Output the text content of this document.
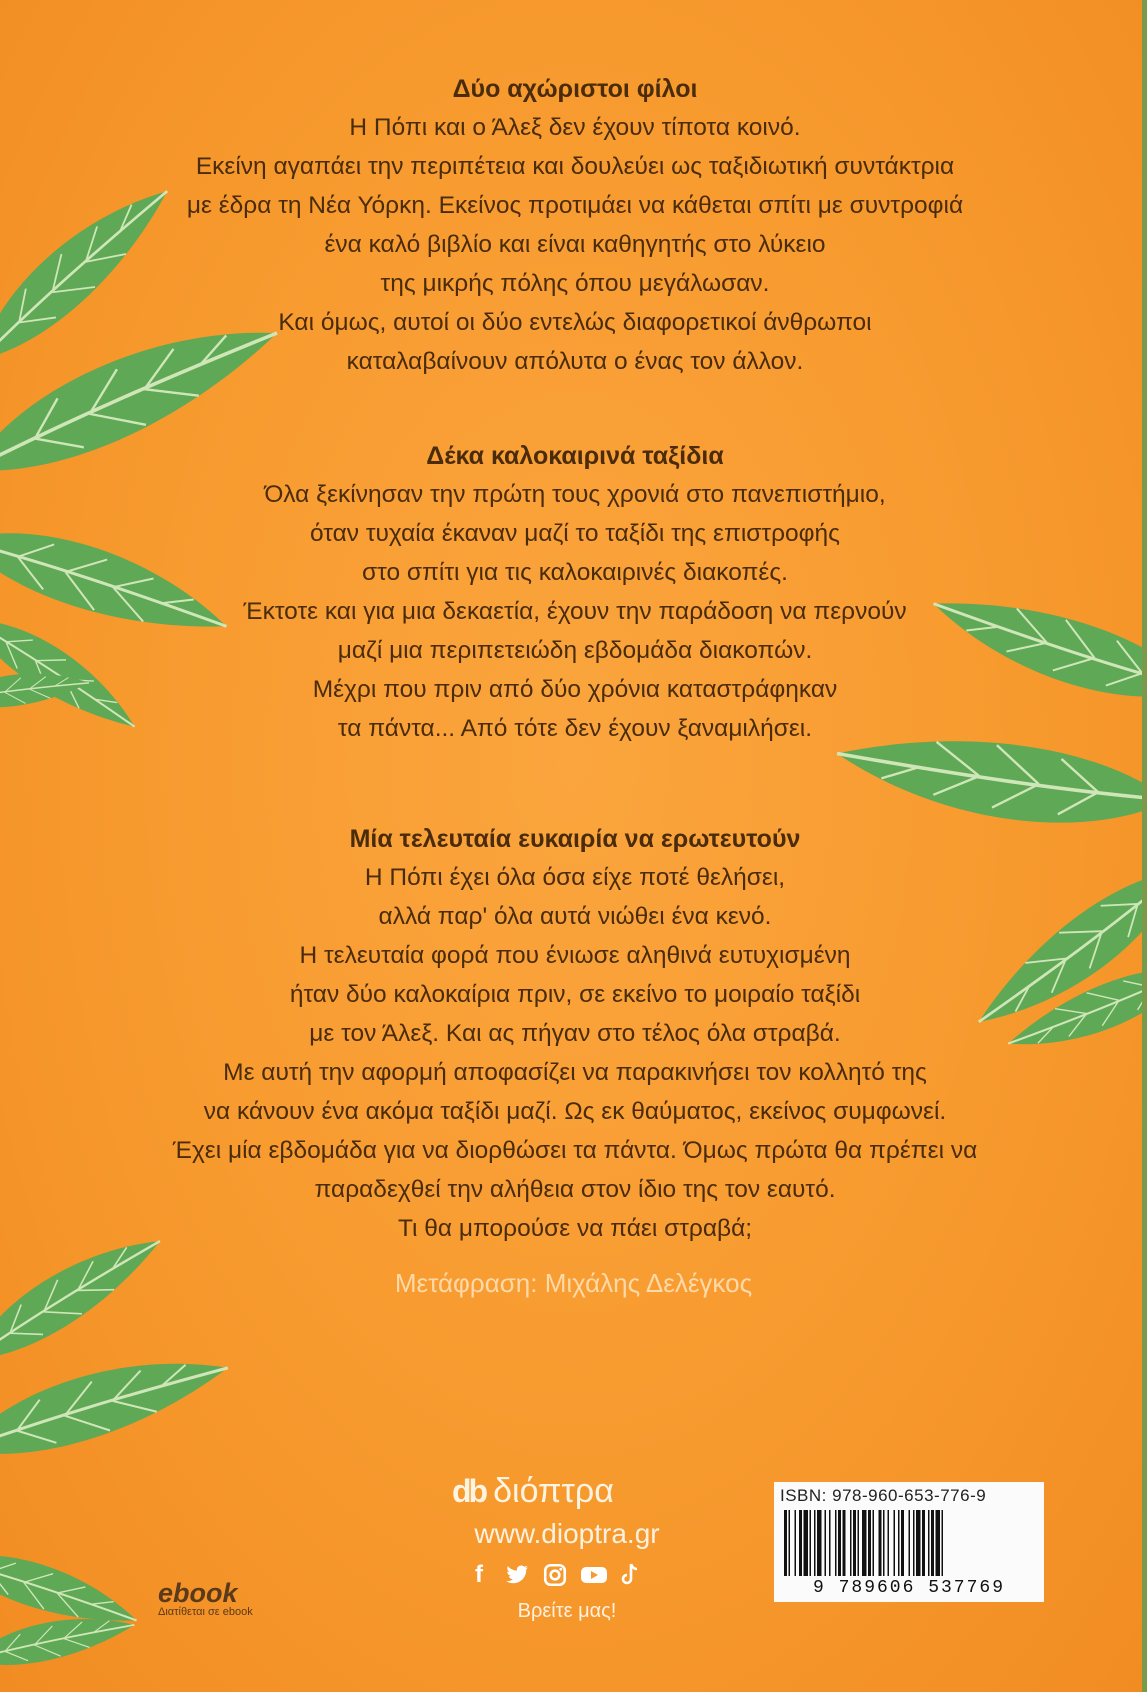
Δύο αχώριστοι φίλοι
Η Πόπι και ο Άλεξ δεν έχουν τίποτα κοινό.
Εκείνη αγαπάει την περιπέτεια και δουλεύει ως ταξιδιωτική συντάκτρια
με έδρα τη Νέα Υόρκη. Εκείνος προτιμάει να κάθεται σπίτι με συντροφιά
ένα καλό βιβλίο και είναι καθηγητής στο λύκειο
της μικρής πόλης όπου μεγάλωσαν.
Και όμως, αυτοί οι δύο εντελώς διαφορετικοί άνθρωποι
καταλαβαίνουν απόλυτα ο ένας τον άλλον.
Δέκα καλοκαιρινά ταξίδια
Όλα ξεκίνησαν την πρώτη τους χρονιά στο πανεπιστήμιο,
όταν τυχαία έκαναν μαζί το ταξίδι της επιστροφής
στο σπίτι για τις καλοκαιρινές διακοπές.
Έκτοτε και για μια δεκαετία, έχουν την παράδοση να περνούν
μαζί μια περιπετειώδη εβδομάδα διακοπών.
Μέχρι που πριν από δύο χρόνια καταστράφηκαν
τα πάντα... Από τότε δεν έχουν ξαναμιλήσει.
Μία τελευταία ευκαιρία να ερωτευτούν
Η Πόπι έχει όλα όσα είχε ποτέ θελήσει,
αλλά παρ' όλα αυτά νιώθει ένα κενό.
Η τελευταία φορά που ένιωσε αληθινά ευτυχισμένη
ήταν δύο καλοκαίρια πριν, σε εκείνο το μοιραίο ταξίδι
με τον Άλεξ. Και ας πήγαν στο τέλος όλα στραβά.
Με αυτή την αφορμή αποφασίζει να παρακινήσει τον κολλητό της
να κάνουν ένα ακόμα ταξίδι μαζί. Ως εκ θαύματος, εκείνος συμφωνεί.
Έχει μία εβδομάδα για να διορθώσει τα πάντα. Όμως πρώτα θα πρέπει να
παραδεχθεί την αλήθεια στον ίδιο της τον εαυτό.
Τι θα μπορούσε να πάει στραβά;
Μετάφραση: Μιχάλης Δελέγκος
db διόπτρα
www.dioptra.gr
f
Βρείτε μας!
ebook
Διατίθεται σε ebook
ISBN: 978-960-653-776-9
9 789606 537769
